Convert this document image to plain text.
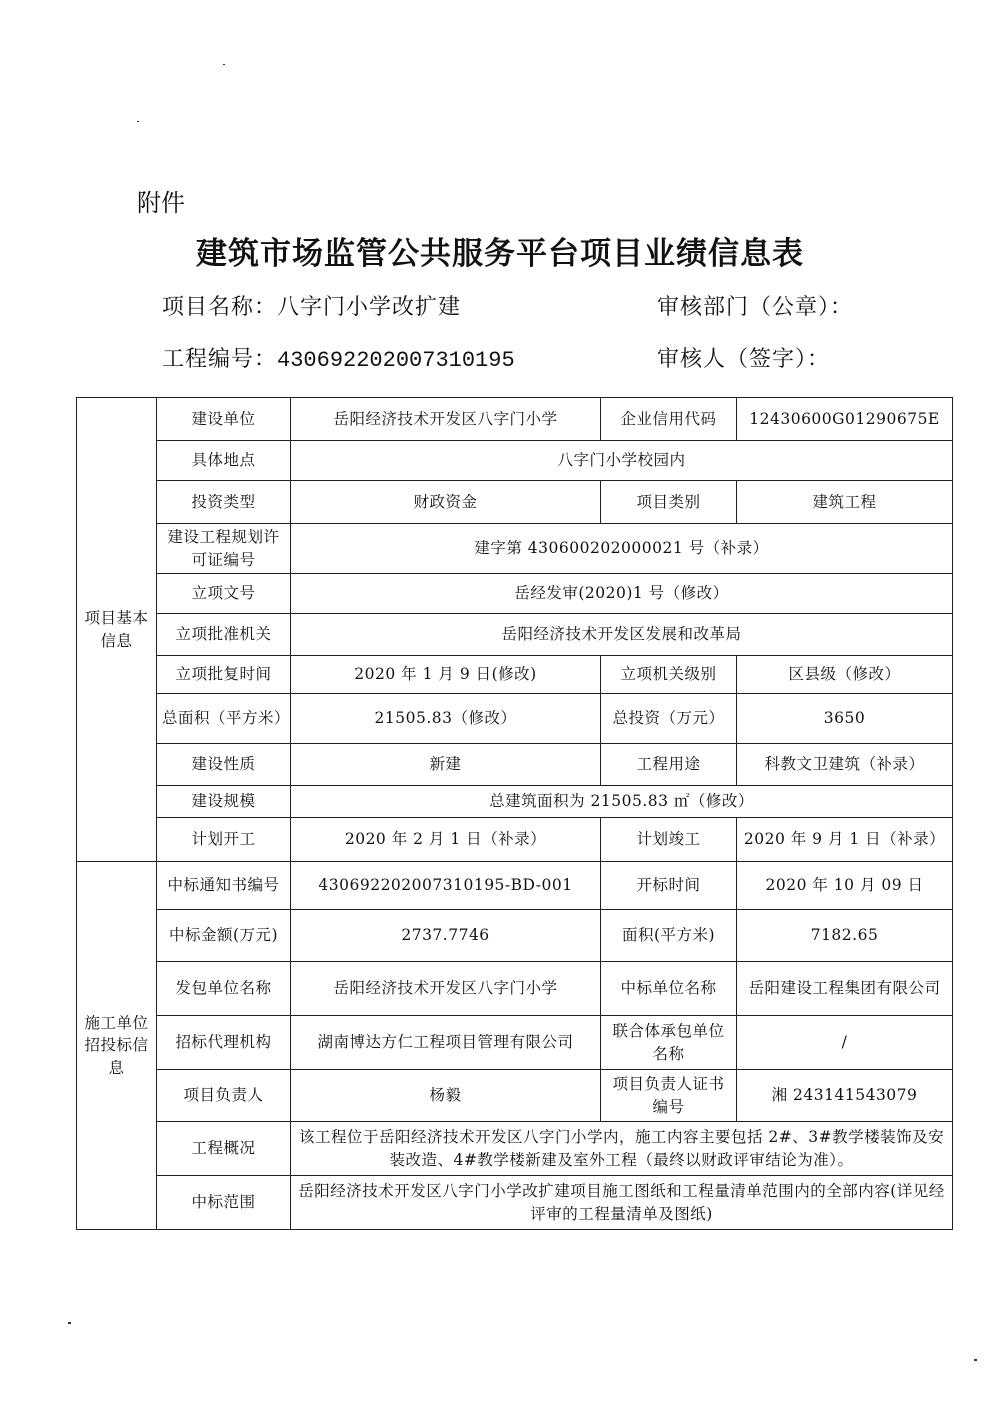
附件
建筑市场监管公共服务平台项目业绩信息表
项目名称：八字门小学改扩建
工程编号：430692202007310195
审核部门（公章）：
审核人（签字）：
项目基本信息	建设单位	岳阳经济技术开发区八字门小学	企业信用代码	12430600G01290675E
	具体地点	八字门小学校园内		
	投资类型	财政资金	项目类别	建筑工程
	建设工程规划许可证编号	建字第 430600202000021 号（补录）		
	立项文号	岳经发审(2020)1 号（修改）		
	立项批准机关	岳阳经济技术开发区发展和改革局		
	立项批复时间	2020 年 1 月 9 日(修改)	立项机关级别	区县级（修改）
	总面积（平方米）	21505.83（修改）	总投资（万元）	3650
	建设性质	新建	工程用途	科教文卫建筑（补录）
	建设规模	总建筑面积为 21505.83 ㎡（修改）		
	计划开工	2020 年 2 月 1 日（补录）	计划竣工	2020 年 9 月 1 日（补录）

施工单位招投标信息	中标通知书编号	430692202007310195-BD-001	开标时间	2020 年 10 月 09 日
	中标金额(万元)	2737.7746	面积(平方米)	7182.65
	发包单位名称	岳阳经济技术开发区八字门小学	中标单位名称	岳阳建设工程集团有限公司
	招标代理机构	湖南博达方仁工程项目管理有限公司	联合体承包单位名称	/
	项目负责人	杨毅	项目负责人证书编号	湘 243141543079
	工程概况	该工程位于岳阳经济技术开发区八字门小学内，施工内容主要包括 2#、3#教学楼装饰及安装改造、4#教学楼新建及室外工程（最终以财政评审结论为准）。		
	中标范围	岳阳经济技术开发区八字门小学改扩建项目施工图纸和工程量清单范围内的全部内容(详见经评审的工程量清单及图纸)		
